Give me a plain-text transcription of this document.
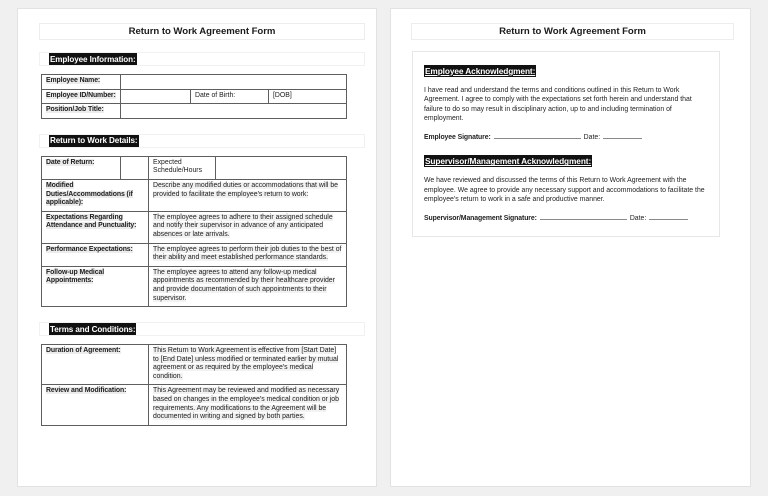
Return to Work Agreement Form
Employee Information:
Employee Name:			
Employee ID/Number:		Date of Birth:	[DOB]
Position/Job Title:			
Return to Work Details:
Date of Return:		Expected Schedule/Hours	
Modified Duties/Accommodations (if applicable):		Describe any modified duties or accommodations that will be provided to facilitate the employee's return to work:	
Expectations Regarding Attendance and Punctuality:		The employee agrees to adhere to their assigned schedule and notify their supervisor in advance of any anticipated absences or late arrivals.	
Performance Expectations:		The employee agrees to perform their job duties to the best of their ability and meet established performance standards.	
Follow-up Medical Appointments:		The employee agrees to attend any follow-up medical appointments as recommended by their healthcare provider and provide documentation of such appointments to their supervisor.	
Terms and Conditions:
Duration of Agreement:	This Return to Work Agreement is effective from [Start Date] to [End Date] unless modified or terminated earlier by mutual agreement or as required by the employee's medical condition.
Review and Modification:	This Agreement may be reviewed and modified as necessary based on changes in the employee's medical condition or job requirements. Any modifications to the Agreement will be documented in writing and signed by both parties.
Return to Work Agreement Form
Employee Acknowledgment:

I have read and understand the terms and conditions outlined in this Return to Work Agreement. I agree to comply with the expectations set forth herein and understand that failure to do so may result in disciplinary action, up to and including termination of employment.

Employee Signature:	Date:
Supervisor/Management Acknowledgment:

We have reviewed and discussed the terms of this Return to Work Agreement with the employee. We agree to provide any necessary support and accommodations to facilitate the employee's return to work in a safe and productive manner.

Supervisor/Management Signature:	Date:
